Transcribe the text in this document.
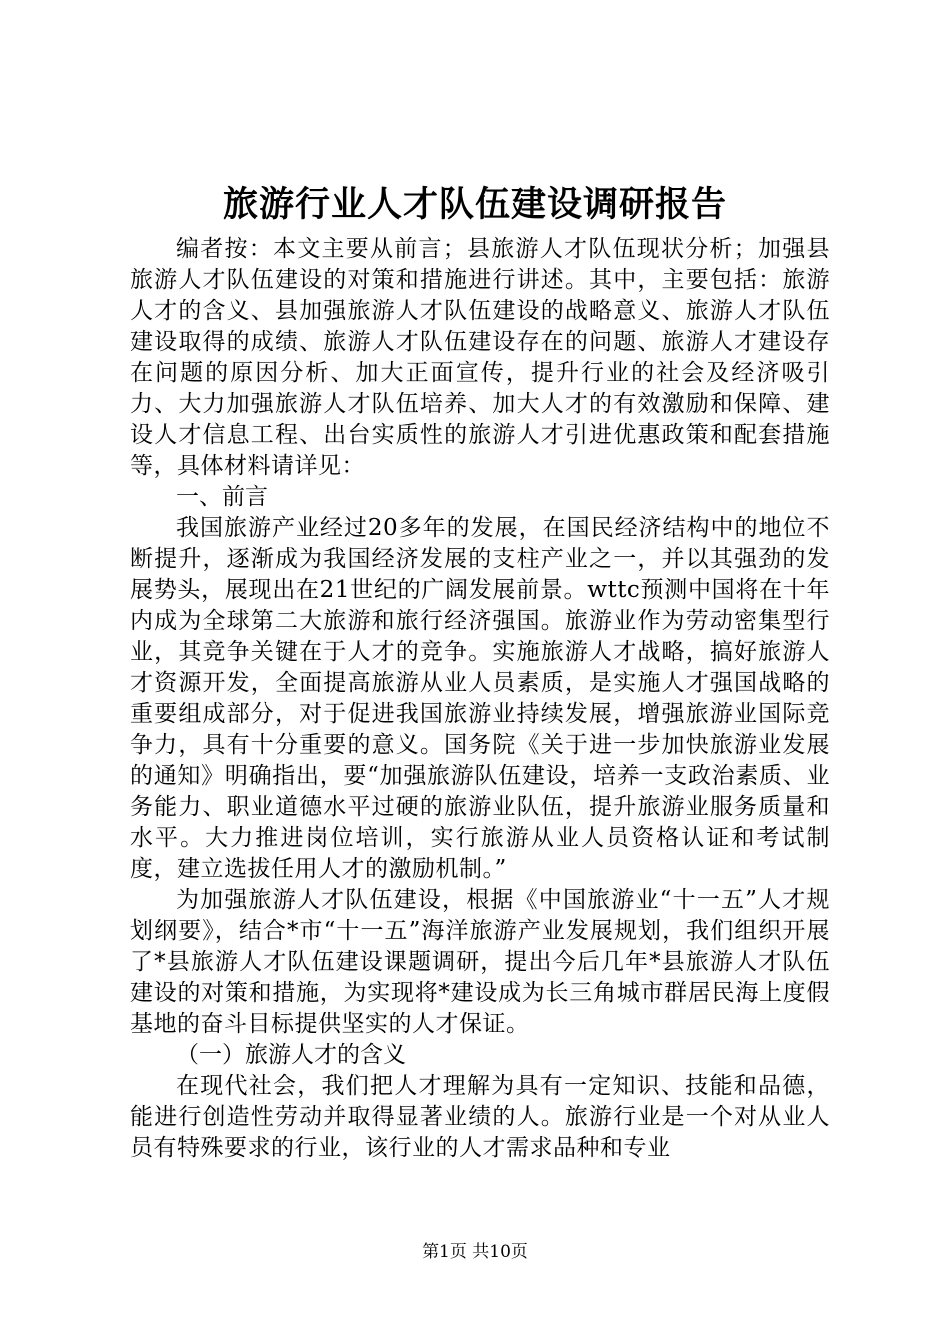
旅游行业人才队伍建设调研报告

编者按：本文主要从前言；县旅游人才队伍现状分析；加强县旅游人才队伍建设的对策和措施进行讲述。其中，主要包括：旅游人才的含义、县加强旅游人才队伍建设的战略意义、旅游人才队伍建设取得的成绩、旅游人才队伍建设存在的问题、旅游人才建设存在问题的原因分析、加大正面宣传，提升行业的社会及经济吸引力、大力加强旅游人才队伍培养、加大人才的有效激励和保障、建设人才信息工程、出台实质性的旅游人才引进优惠政策和配套措施等，具体材料请详见：

一、前言

我国旅游产业经过20多年的发展，在国民经济结构中的地位不断提升，逐渐成为我国经济发展的支柱产业之一，并以其强劲的发展势头，展现出在21世纪的广阔发展前景。wttc预测中国将在十年内成为全球第二大旅游和旅行经济强国。旅游业作为劳动密集型行业，其竞争关键在于人才的竞争。实施旅游人才战略，搞好旅游人才资源开发，全面提高旅游从业人员素质，是实施人才强国战略的重要组成部分，对于促进我国旅游业持续发展，增强旅游业国际竞争力，具有十分重要的意义。国务院《关于进一步加快旅游业发展的通知》明确指出，要“加强旅游队伍建设，培养一支政治素质、业务能力、职业道德水平过硬的旅游业队伍，提升旅游业服务质量和水平。大力推进岗位培训，实行旅游从业人员资格认证和考试制度，建立选拔任用人才的激励机制。”

为加强旅游人才队伍建设，根据《中国旅游业“十一五”人才规划纲要》，结合*市“十一五”海洋旅游产业发展规划，我们组织开展了*县旅游人才队伍建设课题调研，提出今后几年*县旅游人才队伍建设的对策和措施，为实现将*建设成为长三角城市群居民海上度假基地的奋斗目标提供坚实的人才保证。

（一）旅游人才的含义

在现代社会，我们把人才理解为具有一定知识、技能和品德，能进行创造性劳动并取得显著业绩的人。旅游行业是一个对从业人员有特殊要求的行业，该行业的人才需求品种和专业

第1页 共10页
